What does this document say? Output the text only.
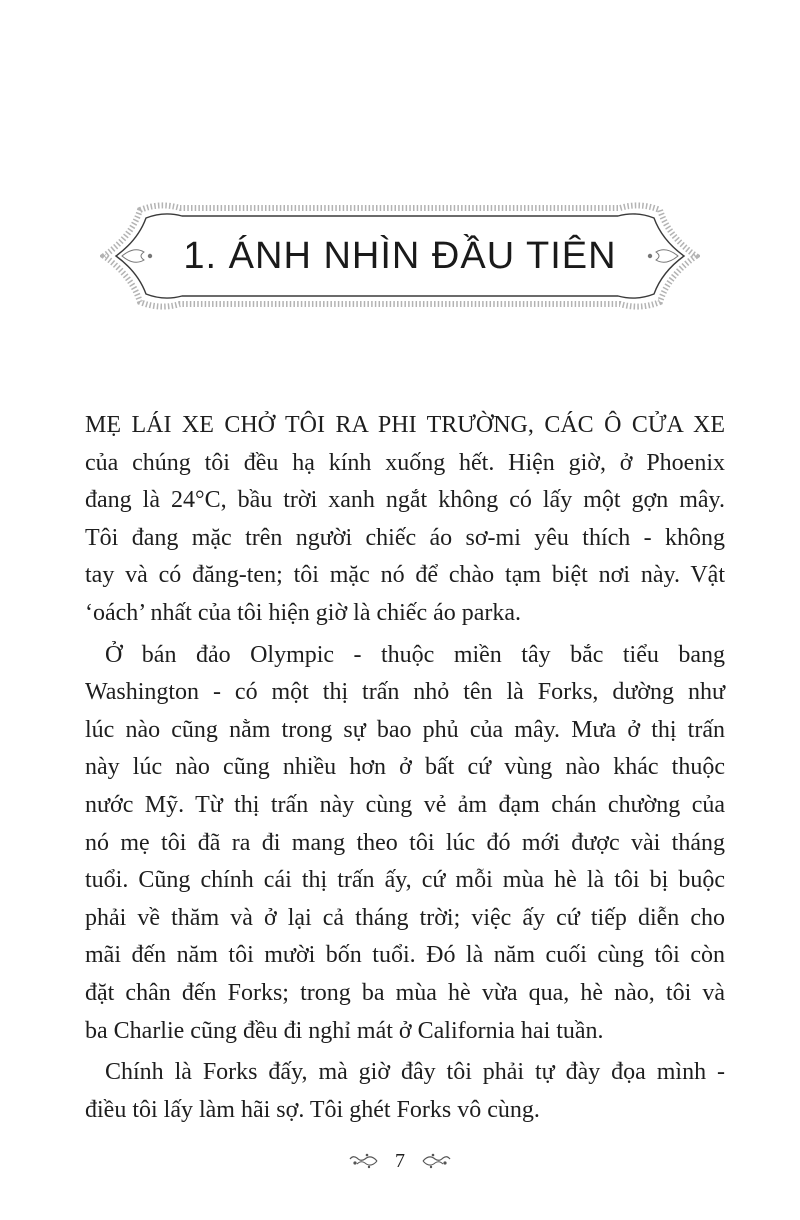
1. ÁNH NHÌN ĐẦU TIÊN
MẸ LÁI XE CHỞ TÔI RA PHI TRƯỜNG, CÁC Ô CỬA XE
của chúng tôi đều hạ kính xuống hết. Hiện giờ, ở Phoenix
đang là 24°C, bầu trời xanh ngắt không có lấy một gợn mây.
Tôi đang mặc trên người chiếc áo sơ-mi yêu thích - không
tay và có đăng-ten; tôi mặc nó để chào tạm biệt nơi này. Vật
‘oách’ nhất của tôi hiện giờ là chiếc áo parka.
Ở bán đảo Olympic - thuộc miền tây bắc tiểu bang
Washington - có một thị trấn nhỏ tên là Forks, dường như
lúc nào cũng nằm trong sự bao phủ của mây. Mưa ở thị trấn
này lúc nào cũng nhiều hơn ở bất cứ vùng nào khác thuộc
nước Mỹ. Từ thị trấn này cùng vẻ ảm đạm chán chường của
nó mẹ tôi đã ra đi mang theo tôi lúc đó mới được vài tháng
tuổi. Cũng chính cái thị trấn ấy, cứ mỗi mùa hè là tôi bị buộc
phải về thăm và ở lại cả tháng trời; việc ấy cứ tiếp diễn cho
mãi đến năm tôi mười bốn tuổi. Đó là năm cuối cùng tôi còn
đặt chân đến Forks; trong ba mùa hè vừa qua, hè nào, tôi và
ba Charlie cũng đều đi nghỉ mát ở California hai tuần.
Chính là Forks đấy, mà giờ đây tôi phải tự đày đọa mình -
điều tôi lấy làm hãi sợ. Tôi ghét Forks vô cùng.
7
